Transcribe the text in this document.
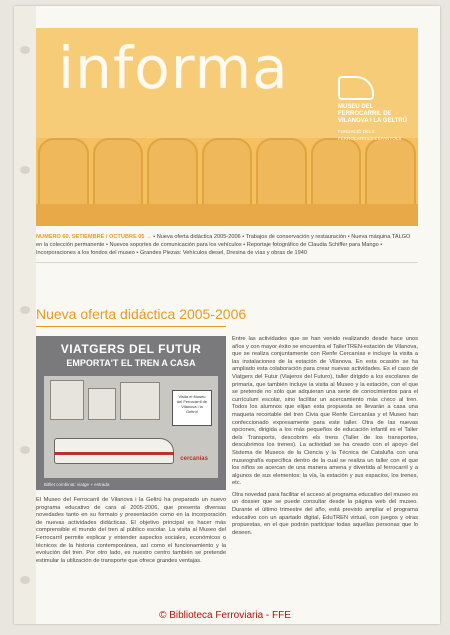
informa
MUSEU DEL FERROCARRIL DE VILANOVA I LA GELTRÚ
FUNDACIÓ DELS FERROCARRILS ESPANYOLS
NUMERO 60. SETIEMBRE / OCTUBRE 05 → • Nueva oferta didáctica 2005-2006 • Trabajos de conservación y restauración • Nueva máquina TALGO en la colección permanente • Nuevos soportes de comunicación para los vehículos • Reportaje fotográfico de Claudia Schiffer para Mango • Incorporaciones a los fondos del museo • Grandes Piezas: Vehículos diesel, Dresina de vías y obras de 1940
Nueva oferta didáctica 2005-2006
VIATGERS DEL FUTUR
EMPORTA'T EL TREN A CASA
Visita el Museu del Ferrocarril de Vilanova i la Geltrú!
cercanías
Bitllet combinat: viatge + entrada

El Museo del Ferrocarril de Vilanova i la Geltrú ha preparado un nuevo programa educativo de cara al 2005-2006, que presenta diversas novedades tanto en su formato y presentación como en la incorporación de nuevas actividades didácticas. El objetivo principal es hacer más comprensible el mundo del tren al público escolar. La visita al Museo del Ferrocarril permite explicar y entender aspectos sociales, económicos o técnicos de la historia contemporánea, así como el funcionamiento y la evolución del tren. Por otro lado, es nuestro centro también se pretende estimular la utilización de transporte que ofrece grandes ventajas.

Entre las actividades que se han venido realizando desde hace unos años y con mayor éxito se encuentra el TallerTREN-estación de Vilanova, que se realiza conjuntamente con Renfe Cercanías e incluye la visita a las instalaciones de la estación de Vilanova. En esta ocasión se ha ampliado esta colaboración para crear nuevas actividades. Es el caso de Viatgers del Futur (Viajeros del Futuro), taller dirigido a los escolares de primaria, que también incluye la visita al Museo y la estación, con el que se pretende no sólo que adquieran una serie de conocimientos para el currículum escolar, sino facilitar un acercamiento más cívico al tren. Todos los alumnos que elijan esta propuesta se llevarán a casa una maqueta recortable del tren Civia que Renfe Cercanías y el Museo han confeccionado expresamente para este taller. Otra de las nuevas opciones, dirigida a los más pequeños de educación infantil es el Taller dels Transports, descobrim els trens (Taller de los transportes, descubrimos los trenes). La actividad se ha creado con el apoyo del Sistema de Museos de la Ciencia y la Técnica de Cataluña con una museografía específica dentro de la cual se realiza un taller con el que los niños se acercan de una manera amena y divertida al ferrocarril y a algunos de sus elementos: la vía, la estación y sus espacios, los trenes, etc.

Otra novedad para facilitar el acceso al programa educativo del museo es un dossier que se puede consultar desde la página web del museo. Durante el último trimestre del año, está previsto ampliar el programa educativo con un apartado digital, EduTREN virtual, con juegos y otras propuestas, en el que podrán participar todas aquellas personas que lo deseen.

© Biblioteca Ferroviaria - FFE
